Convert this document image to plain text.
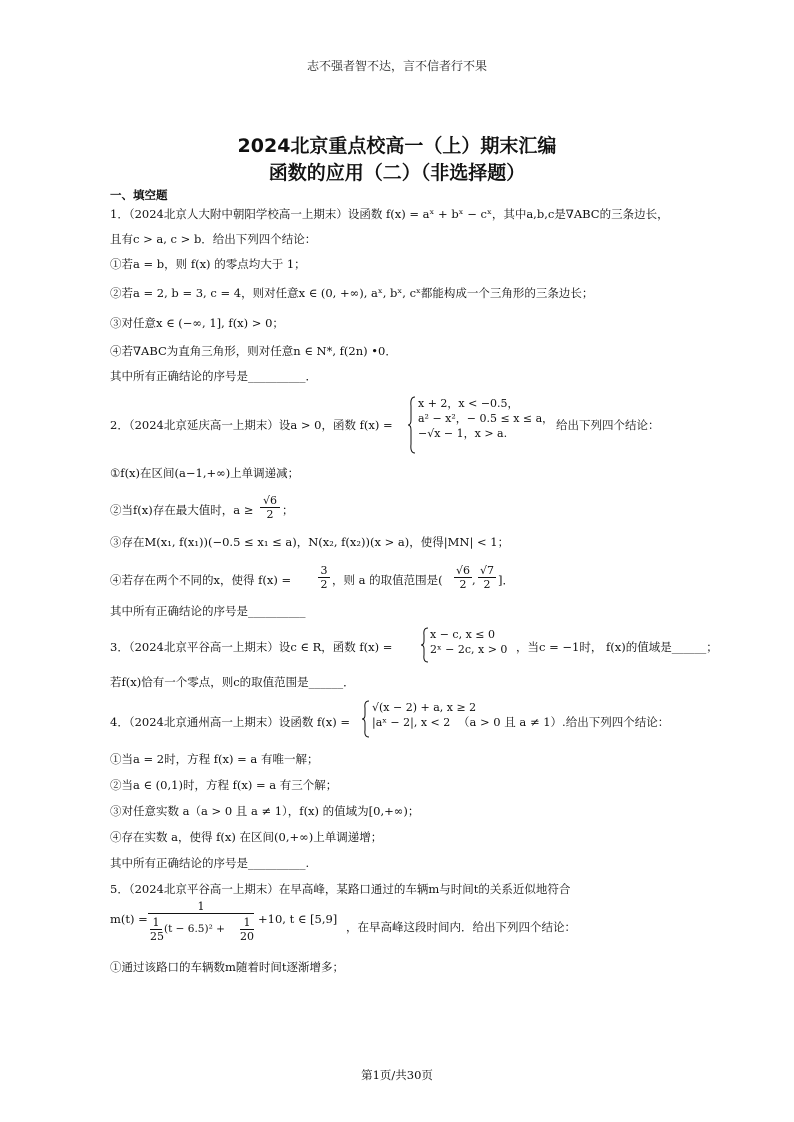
志不强者智不达，言不信者行不果
2024北京重点校高一（上）期末汇编
函数的应用（二）（非选择题）
一、填空题
1．（2024北京人大附中朝阳学校高一上期末）设函数 f(x) = aˣ + bˣ − cˣ，其中a,b,c是∇ABC的三条边长，
且有c > a, c > b．给出下列四个结论：
①若a = b，则 f(x) 的零点均大于 1；
②若a = 2, b = 3, c = 4，则对任意x ∈ (0, +∞), aˣ, bˣ, cˣ都能构成一个三角形的三条边长；
③对任意x ∈ (−∞, 1], f(x) > 0；
④若∇ABC为直角三角形，则对任意n ∈ N*, f(2n) •0．
其中所有正确结论的序号是__________．
2．（2024北京延庆高一上期末）设a > 0，函数 f(x) =
x + 2，x < −0.5，
a² − x²，− 0.5 ≤ x ≤ a，
−√x − 1，x > a.
给出下列四个结论：
①f(x)在区间(a−1,+∞)上单调递减；
②当f(x)存在最大值时，$a \ge \frac{√6}{2}$ ；
③存在M(x₁, f(x₁))(−0.5 ≤ x₁ ≤ a)，N(x₂, f(x₂))(x > a)，使得|MN| < 1；
④若存在两个不同的x，使得 $f(x) = \frac{3}{2}$ ，则 a 的取值范围是( $\frac{√6}{2}$ , $\frac{√7}{2}$ ]．
其中所有正确结论的序号是__________
3．（2024北京平谷高一上期末）设c ∈ R，函数 f(x) =
x − c, x ≤ 0
2ˣ − 2c, x > 0 ，当c = −1时， f(x)的值域是______；
若f(x)恰有一个零点，则c的取值范围是______．
4．（2024北京通州高一上期末）设函数 f(x) =
√(x − 2) + a, x ≥ 2
|aˣ − 2|, x < 2 （a > 0 且 a ≠ 1）.给出下列四个结论：
①当a = 2时，方程 f(x) = a 有唯一解；
②当a ∈ (0,1)时，方程 f(x) = a 有三个解；
③对任意实数 a（a > 0 且 a ≠ 1），f(x) 的值域为[0,+∞)；
④存在实数 a，使得 f(x) 在区间(0,+∞)上单调递增；
其中所有正确结论的序号是__________.
5．（2024北京平谷高一上期末）在早高峰，某路口通过的车辆m与时间t的关系近似地符合
m(t) =
1
$\frac{1}{25} (t - 6.5)^2 + \frac{1}{20} +10$, t ∈ [5,9]
，在早高峰这段时间内．给出下列四个结论：
①通过该路口的车辆数m随着时间t逐渐增多；
第1页/共30页
